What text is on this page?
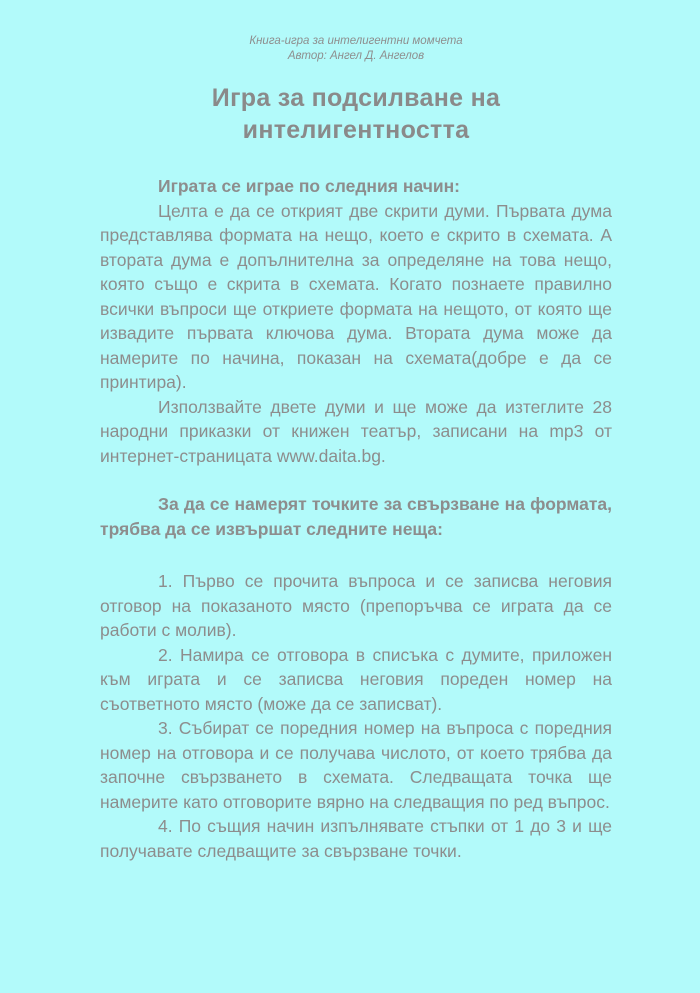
Книга-игра за интелигентни момчета
Автор: Ангел Д. Ангелов
Игра за подсилване на интелигентността
Играта се играе по следния начин:

Целта е да се открият две скрити думи. Първата дума представлява формата на нещо, което е скрито в схемата. А втората дума е допълнителна за определяне на това нещо, която също е скрита в схемата. Когато познаете правилно всички въпроси ще откриете формата на нещото, от която ще извадите първата ключова дума. Втората дума може да намерите по начина, показан на схемата(добре е да се принтира).

Използвайте двете думи и ще може да изтеглите 28 народни приказки от книжен театър, записани на mp3 от интернет-страницата www.daita.bg.

За да се намерят точките за свързване на формата, трябва да се извършат следните неща:

1. Първо се прочита въпроса и се записва неговия отговор на показаното място (препоръчва се играта да се работи с молив).

2. Намира се отговора в списъка с думите, приложен към играта и се записва неговия пореден номер на съответното място (може да се записват).

3. Събират се поредния номер на въпроса с поредния номер на отговора и се получава числото, от което трябва да започне свързването в схемата. Следващата точка ще намерите като отговорите вярно на следващия по ред въпрос.

4. По същия начин изпълнявате стъпки от 1 до 3 и ще получавате следващите за свързване точки.
